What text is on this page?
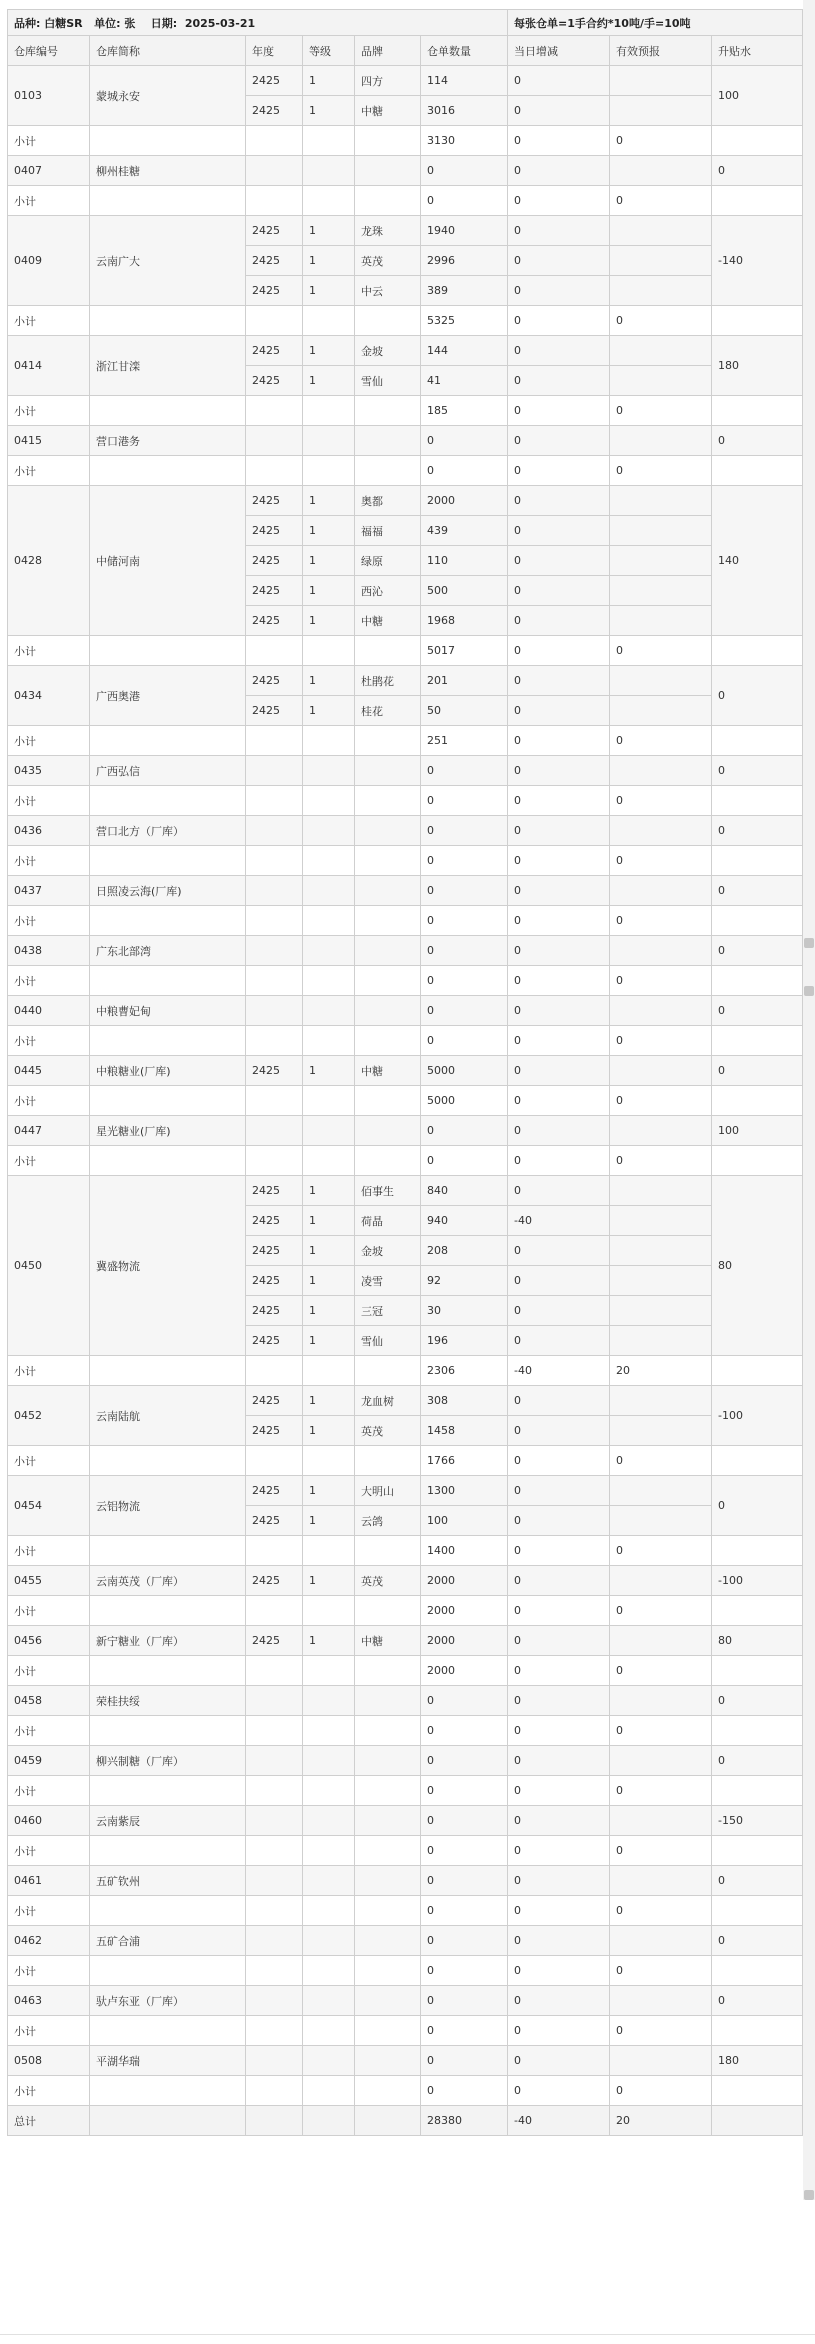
品种: 白糖SR 单位: 张 日期: 2025-03-21						每张仓单=1手合约*10吨/手=10吨			
仓库编号	仓库简称	年度	等级	品牌	仓单数量	当日增减	有效预报	升贴水	
0103	蒙城永安	2425	1	四方	114	0		100	
		2425	1	中糖	3016	0			
小计					3130	0	0		
0407	柳州桂糖				0	0		0	
小计					0	0	0		
0409	云南广大	2425	1	龙珠	1940	0		-140	
		2425	1	英茂	2996	0			
		2425	1	中云	389	0			
小计					5325	0	0		
0414	浙江甘滦	2425	1	金坡	144	0		180	
		2425	1	雪仙	41	0			
小计					185	0	0		
0415	营口港务				0	0		0	
小计					0	0	0		
0428	中储河南	2425	1	奥都	2000	0		140	
		2425	1	福福	439	0			
		2425	1	绿原	110	0			
		2425	1	西沁	500	0			
		2425	1	中糖	1968	0			
小计					5017	0	0		
0434	广西奥港	2425	1	杜鹃花	201	0		0	
		2425	1	桂花	50	0			
小计					251	0	0		
0435	广西弘信				0	0		0	
小计					0	0	0		
0436	营口北方（厂库）				0	0		0	
小计					0	0	0		
0437	日照凌云海(厂库)				0	0		0	
小计					0	0	0		
0438	广东北部湾				0	0		0	
小计					0	0	0		
0440	中粮曹妃甸				0	0		0	
小计					0	0	0		
0445	中粮糖业(厂库)	2425	1	中糖	5000	0		0	
小计					5000	0	0		
0447	星光糖业(厂库)				0	0		100	
小计					0	0	0		
0450	冀盛物流	2425	1	佰事生	840	0		80	
		2425	1	荷晶	940	-40			
		2425	1	金坡	208	0			
		2425	1	凌雪	92	0			
		2425	1	三冠	30	0			
		2425	1	雪仙	196	0			
小计					2306	-40	20		
0452	云南陆航	2425	1	龙血树	308	0		-100	
		2425	1	英茂	1458	0			
小计					1766	0	0		
0454	云铝物流	2425	1	大明山	1300	0		0	
		2425	1	云鸽	100	0			
小计					1400	0	0		
0455	云南英茂（厂库）	2425	1	英茂	2000	0		-100	
小计					2000	0	0		
0456	新宁糖业（厂库）	2425	1	中糖	2000	0		80	
小计					2000	0	0		
0458	荣桂扶绥				0	0		0	
小计					0	0	0		
0459	柳兴制糖（厂库）				0	0		0	
小计					0	0	0		
0460	云南紫辰				0	0		-150	
小计					0	0	0		
0461	五矿钦州				0	0		0	
小计					0	0	0		
0462	五矿合浦				0	0		0	
小计					0	0	0		
0463	驮卢东亚（厂库）				0	0		0	
小计					0	0	0		
0508	平湖华瑞				0	0		180	
小计					0	0	0		
总计					28380	-40	20		
